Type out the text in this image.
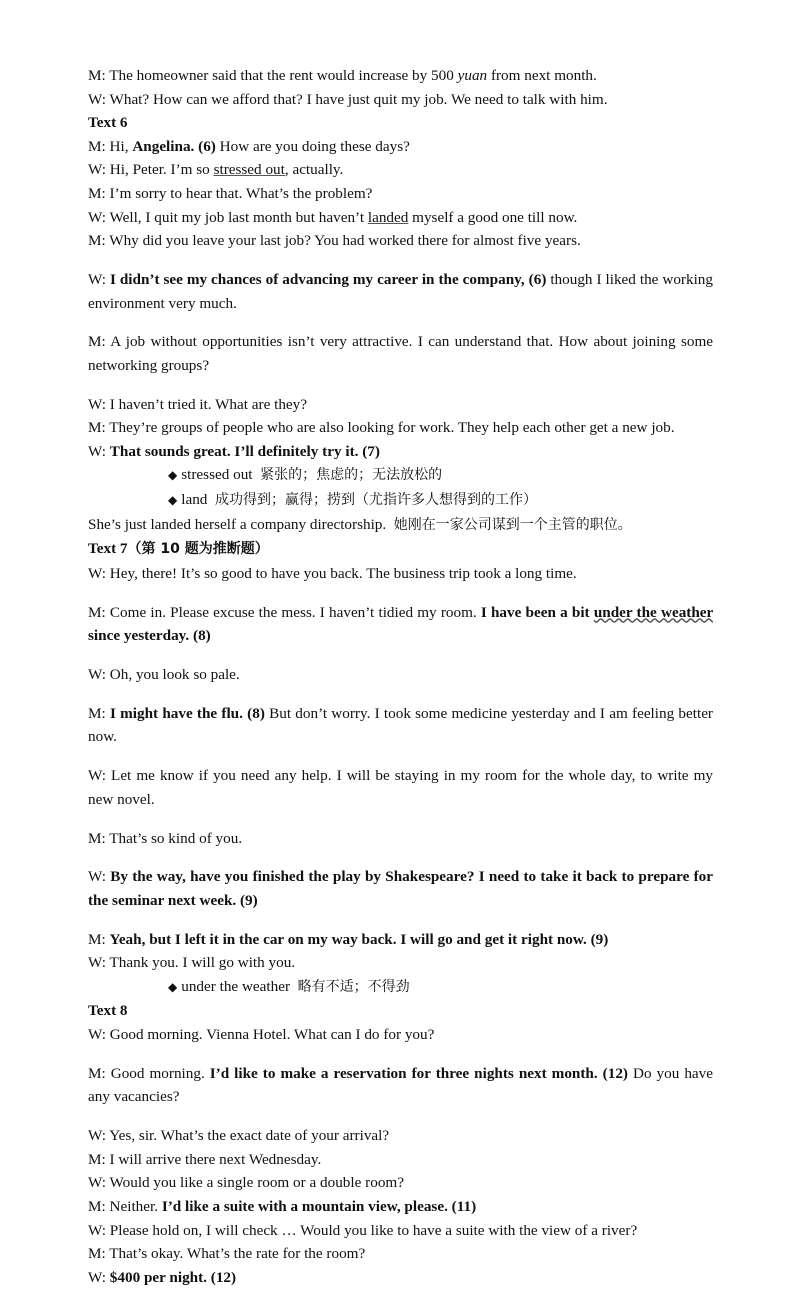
M: The homeowner said that the rent would increase by 500 yuan from next month.

W: What? How can we afford that? I have just quit my job. We need to talk with him.

Text 6

M: Hi, Angelina. (6) How are you doing these days?

W: Hi, Peter. I’m so stressed out, actually.

M: I’m sorry to hear that. What’s the problem?

W: Well, I quit my job last month but haven’t landed myself a good one till now.

M: Why did you leave your last job? You had worked there for almost five years.

W: I didn’t see my chances of advancing my career in the company, (6) though I liked the working environment very much.

M: A job without opportunities isn’t very attractive. I can understand that. How about joining some networking groups?

W: I haven’t tried it. What are they?

M: They’re groups of people who are also looking for work. They help each other get a new job.

W: That sounds great. I’ll definitely try it. (7)

◆ stressed out 紧张的；焦虑的；无法放松的

◆ land 成功得到；赢得；捞到（尤指许多人想得到的工作）

She’s just landed herself a company directorship. 她刚在一家公司谋到一个主管的职位。

Text 7（第 10 题为推断题）

W: Hey, there! It’s so good to have you back. The business trip took a long time.

M: Come in. Please excuse the mess. I haven’t tidied my room. I have been a bit under the weather since yesterday. (8)

W: Oh, you look so pale.

M: I might have the flu. (8) But don’t worry. I took some medicine yesterday and I am feeling better now.

W: Let me know if you need any help. I will be staying in my room for the whole day, to write my new novel.

M: That’s so kind of you.

W: By the way, have you finished the play by Shakespeare? I need to take it back to prepare for the seminar next week. (9)

M: Yeah, but I left it in the car on my way back. I will go and get it right now. (9)

W: Thank you. I will go with you.

◆ under the weather 略有不适；不得劲

Text 8

W: Good morning. Vienna Hotel. What can I do for you?

M: Good morning. I’d like to make a reservation for three nights next month. (12) Do you have any vacancies?

W: Yes, sir. What’s the exact date of your arrival?

M: I will arrive there next Wednesday.

W: Would you like a single room or a double room?

M: Neither. I’d like a suite with a mountain view, please. (11)

W: Please hold on, I will check … Would you like to have a suite with the view of a river?

M: That’s okay. What’s the rate for the room?

W: $400 per night. (12)
